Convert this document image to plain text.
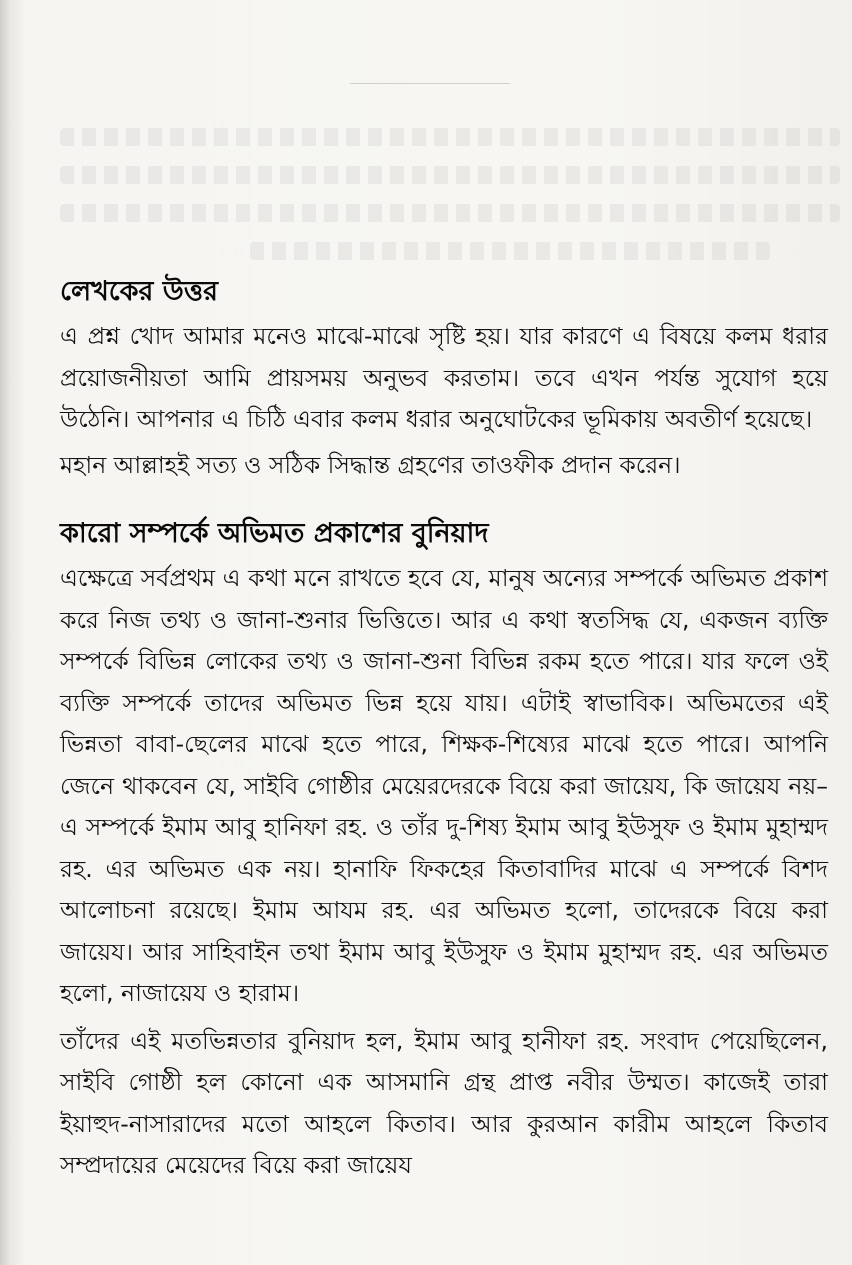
লেখকের উত্তর

এ প্রশ্ন খোদ আমার মনেও মাঝে-মাঝে সৃষ্টি হয়। যার কারণে এ বিষয়ে কলম ধরার প্রয়োজনীয়তা আমি প্রায়সময় অনুভব করতাম। তবে এখন পর্যন্ত সুযোগ হয়ে উঠেনি। আপনার এ চিঠি এবার কলম ধরার অনুঘোটকের ভূমিকায় অবতীর্ণ হয়েছে।

মহান আল্লাহই সত্য ও সঠিক সিদ্ধান্ত গ্রহণের তাওফীক প্রদান করেন।

কারো সম্পর্কে অভিমত প্রকাশের বুনিয়াদ

এক্ষেত্রে সর্বপ্রথম এ কথা মনে রাখতে হবে যে, মানুষ অন্যের সম্পর্কে অভিমত প্রকাশ করে নিজ তথ্য ও জানা-শুনার ভিত্তিতে। আর এ কথা স্বতসিদ্ধ যে, একজন ব্যক্তি সম্পর্কে বিভিন্ন লোকের তথ্য ও জানা-শুনা বিভিন্ন রকম হতে পারে। যার ফলে ওই ব্যক্তি সম্পর্কে তাদের অভিমত ভিন্ন হয়ে যায়। এটাই স্বাভাবিক। অভিমতের এই ভিন্নতা বাবা-ছেলের মাঝে হতে পারে, শিক্ষক-শিষ্যের মাঝে হতে পারে। আপনি জেনে থাকবেন যে, সাইবি গোষ্ঠীর মেয়েরদেরকে বিয়ে করা জায়েয, কি জায়েয নয়– এ সম্পর্কে ইমাম আবু হানিফা রহ. ও তাঁর দু-শিষ্য ইমাম আবু ইউসুফ ও ইমাম মুহাম্মদ রহ. এর অভিমত এক নয়। হানাফি ফিকহের কিতাবাদির মাঝে এ সম্পর্কে বিশদ আলোচনা রয়েছে। ইমাম আযম রহ. এর অভিমত হলো, তাদেরকে বিয়ে করা জায়েয। আর সাহিবাইন তথা ইমাম আবু ইউসুফ ও ইমাম মুহাম্মদ রহ. এর অভিমত হলো, নাজায়েয ও হারাম।

তাঁদের এই মতভিন্নতার বুনিয়াদ হল, ইমাম আবু হানীফা রহ. সংবাদ পেয়েছিলেন, সাইবি গোষ্ঠী হল কোনো এক আসমানি গ্রন্থ প্রাপ্ত নবীর উম্মত। কাজেই তারা ইয়াহুদ-নাসারাদের মতো আহলে কিতাব। আর কুরআন কারীম আহলে কিতাব সম্প্রদায়ের মেয়েদের বিয়ে করা জায়েয
